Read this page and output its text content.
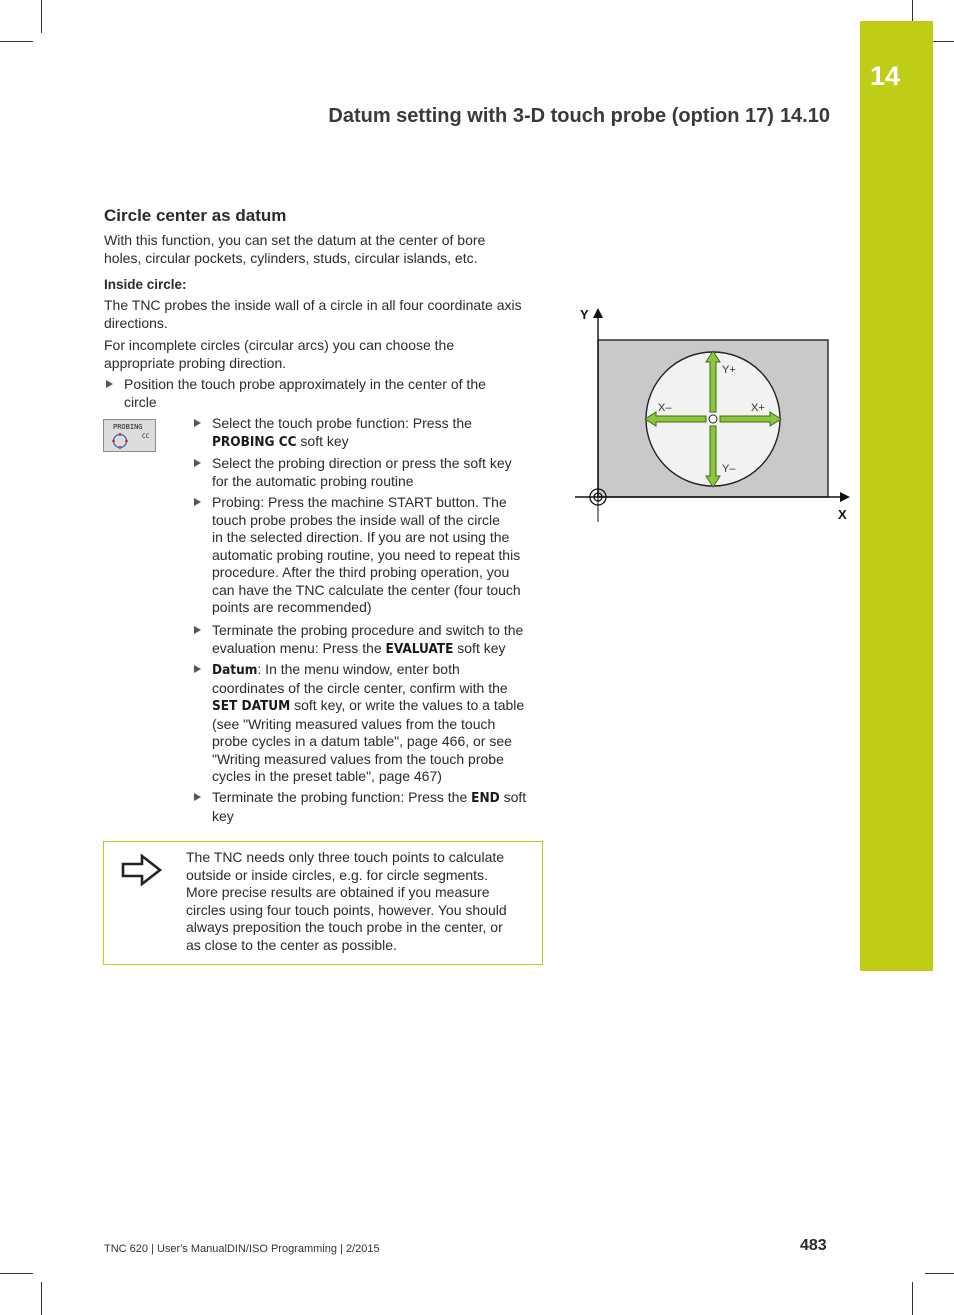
14
Datum setting with 3-D touch probe (option 17) 14.10
Circle center as datum
With this function, you can set the datum at the center of bore
holes, circular pockets, cylinders, studs, circular islands, etc.
Inside circle:
The TNC probes the inside wall of a circle in all four coordinate axis
directions.
For incomplete circles (circular arcs) you can choose the
appropriate probing direction.
Position the touch probe approximately in the center of the
circle
PROBING
CC
Select the touch probe function: Press the
PROBING CC soft key
Select the probing direction or press the soft key
for the automatic probing routine
Probing: Press the machine START button. The
touch probe probes the inside wall of the circle
in the selected direction. If you are not using the
automatic probing routine, you need to repeat this
procedure. After the third probing operation, you
can have the TNC calculate the center (four touch
points are recommended)
Terminate the probing procedure and switch to the
evaluation menu: Press the EVALUATE soft key
Datum: In the menu window, enter both
coordinates of the circle center, confirm with the
SET DATUM soft key, or write the values to a table
(see "Writing measured values from the touch
probe cycles in a datum table", page 466, or see
"Writing measured values from the touch probe
cycles in the preset table", page 467)
Terminate the probing function: Press the END soft
key
The TNC needs only three touch points to calculate
outside or inside circles, e.g. for circle segments.
More precise results are obtained if you measure
circles using four touch points, however. You should
always preposition the touch probe in the center, or
as close to the center as possible.
Y+
Y–
X–	X+
Y
X
TNC 620 | User's ManualDIN/ISO Programming | 2/2015	483
